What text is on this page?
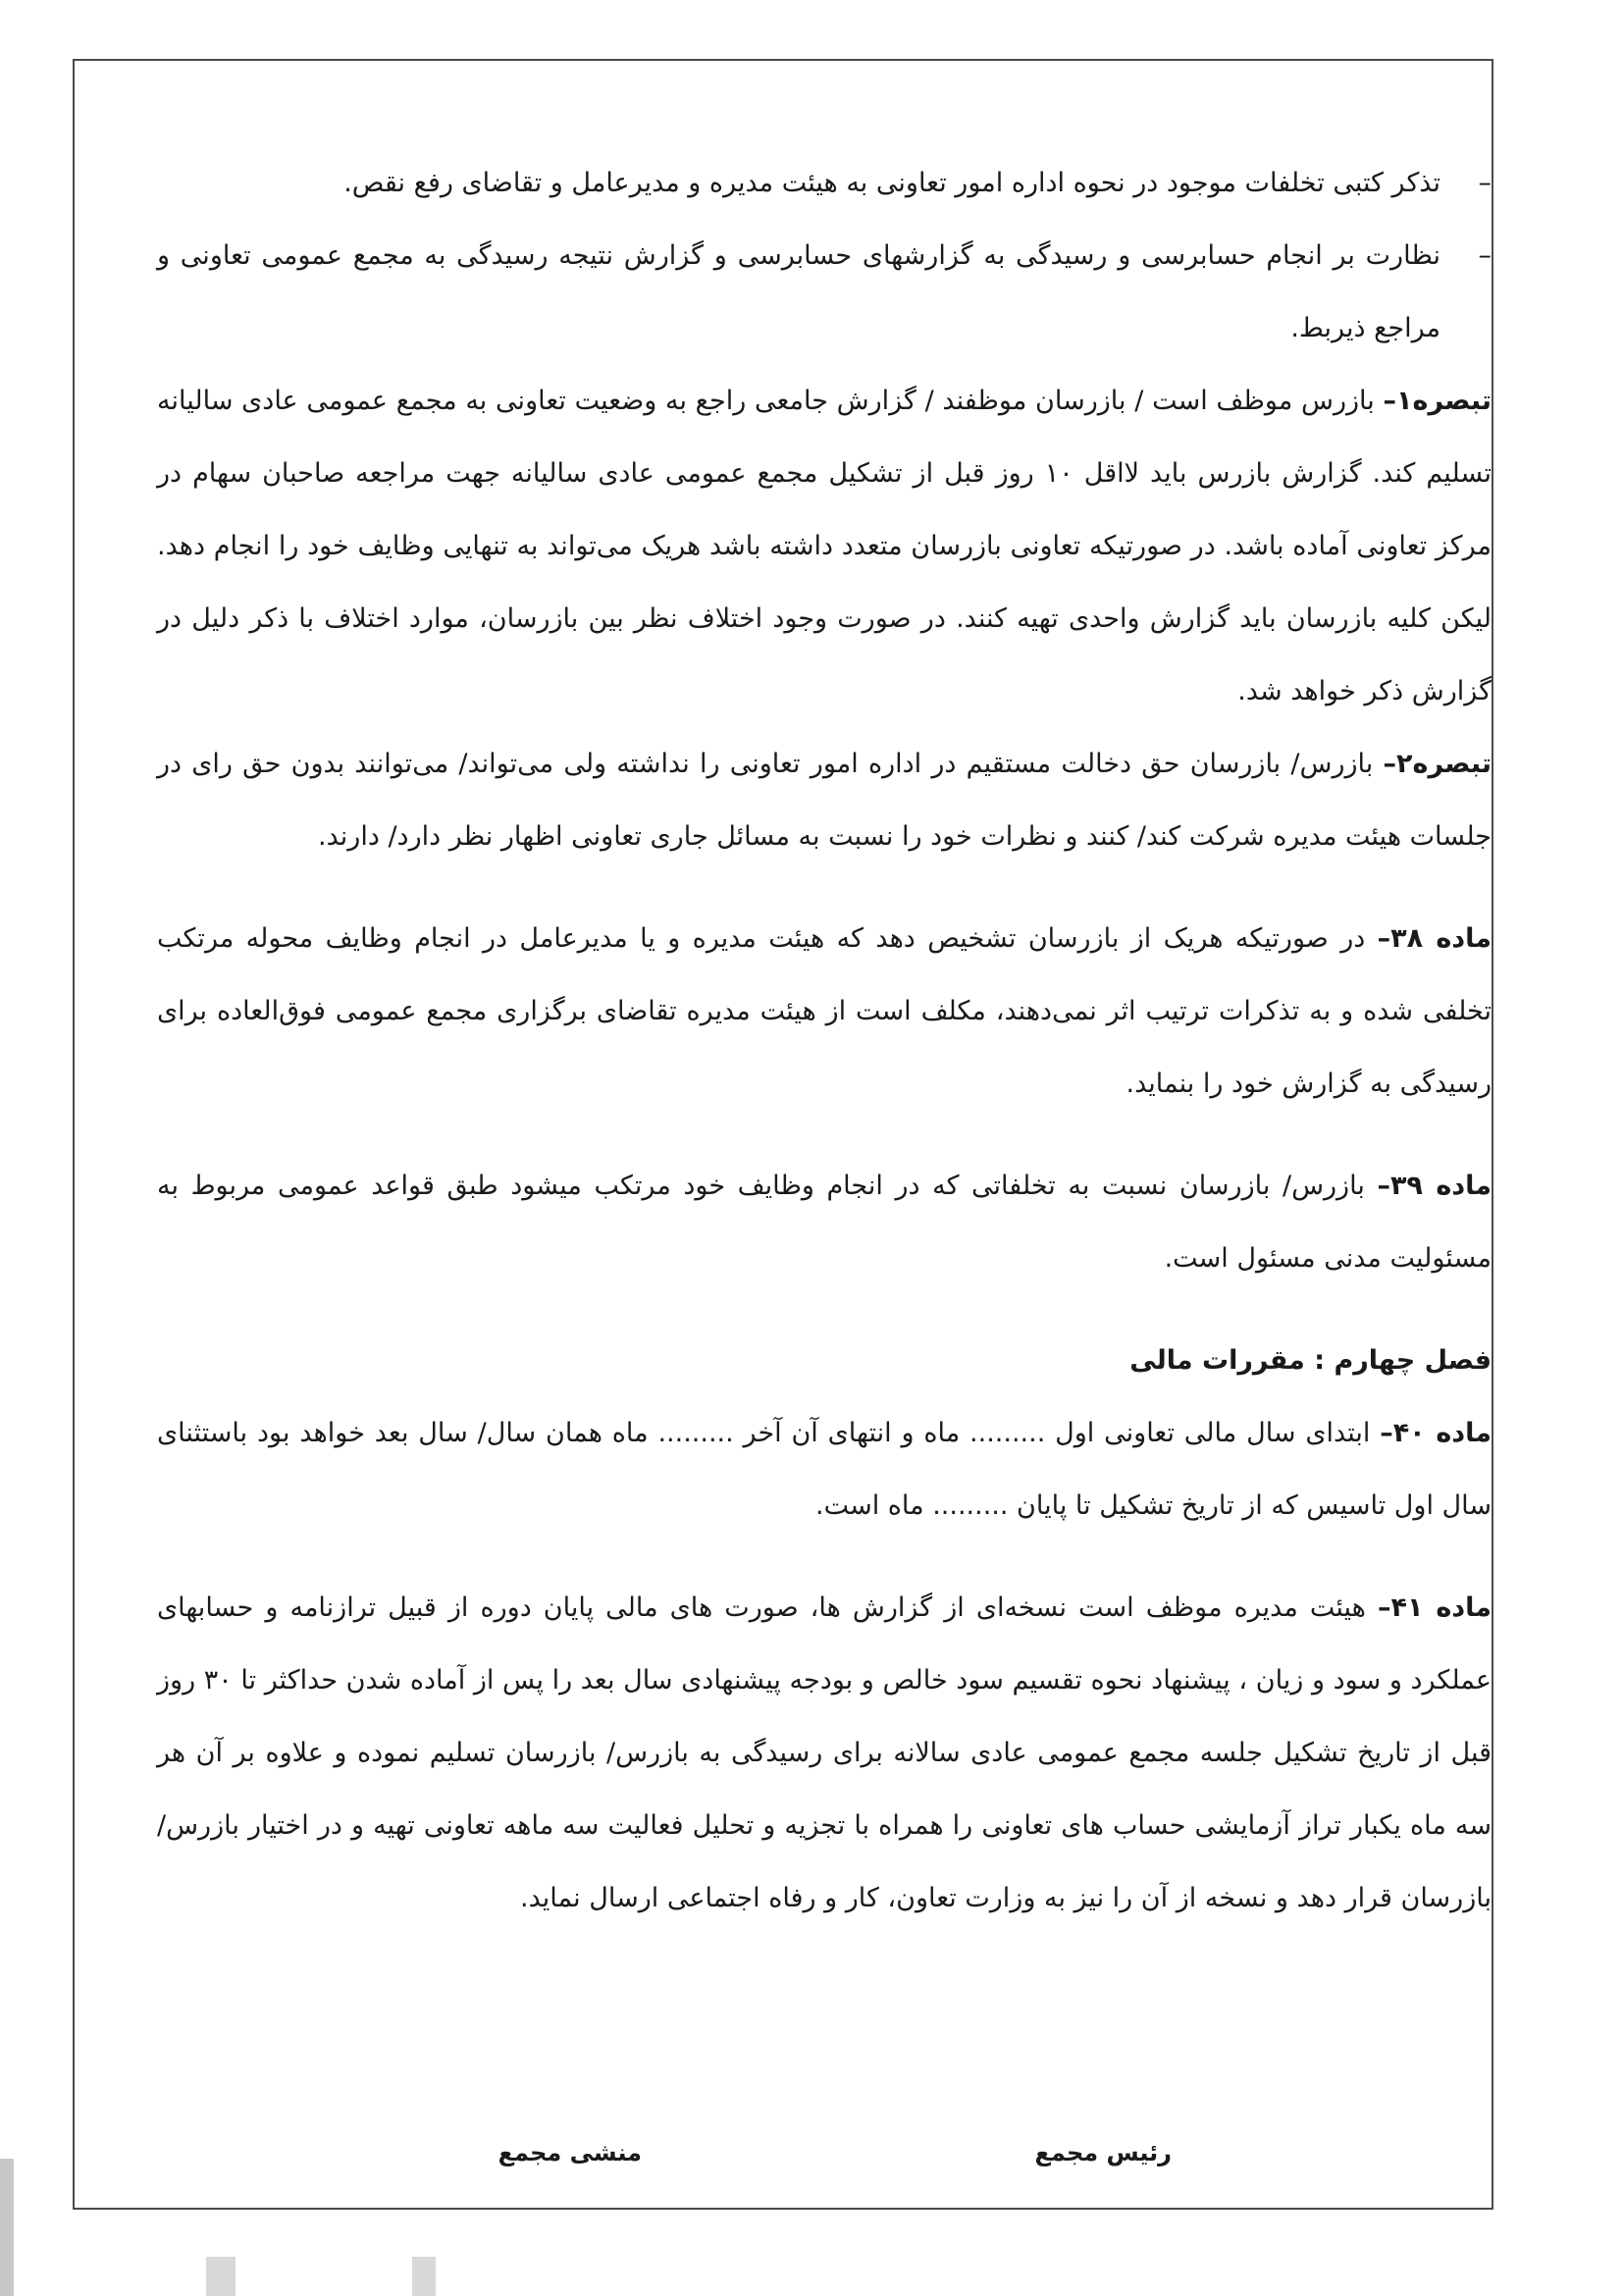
–
تذکر کتبی تخلفات موجود در نحوه اداره امور تعاونی به هیئت مدیره و مدیرعامل و تقاضای رفع نقص.
–
نظارت بر انجام حسابرسی و رسیدگی به گزارشهای حسابرسی و گزارش نتیجه رسیدگی به مجمع عمومی تعاونی و مراجع ذیربط.

تبصره۱– بازرس موظف است / بازرسان موظفند / گزارش جامعی راجع به وضعیت تعاونی به مجمع عمومی عادی سالیانه تسلیم کند. گزارش بازرس باید لااقل ۱۰ روز قبل از تشکیل مجمع عمومی عادی سالیانه جهت مراجعه صاحبان سهام در مرکز تعاونی آماده باشد. در صورتیکه تعاونی بازرسان متعدد داشته باشد هریک می‌تواند به تنهایی وظایف خود را انجام دهد. لیکن کلیه بازرسان باید گزارش واحدی تهیه کنند. در صورت وجود اختلاف نظر بین بازرسان، موارد اختلاف با ذکر دلیل در گزارش ذکر خواهد شد.

تبصره۲– بازرس/ بازرسان حق دخالت مستقیم در اداره امور تعاونی را نداشته ولی می‌تواند/ می‌توانند بدون حق رای در جلسات هیئت مدیره شرکت کند/ کنند و نظرات خود را نسبت به مسائل جاری تعاونی اظهار نظر دارد/ دارند.

ماده ۳۸– در صورتیکه هریک از بازرسان تشخیص دهد که هیئت مدیره و یا مدیرعامل در انجام وظایف محوله مرتکب تخلفی شده و به تذکرات ترتیب اثر نمی‌دهند، مکلف است از هیئت مدیره تقاضای برگزاری مجمع عمومی فوق‌العاده برای رسیدگی به گزارش خود را بنماید.

ماده ۳۹– بازرس/ بازرسان نسبت به تخلفاتی که در انجام وظایف خود مرتکب میشود طبق قواعد عمومی مربوط به مسئولیت مدنی مسئول است.

فصل چهارم : مقررات مالی

ماده ۴۰– ابتدای سال مالی تعاونی اول ......... ماه و انتهای آن آخر ......... ماه همان سال/ سال بعد خواهد بود باستثنای سال اول تاسیس که از تاریخ تشکیل تا پایان ......... ماه است.

ماده ۴۱– هیئت مدیره موظف است نسخه‌ای از گزارش ها، صورت های مالی پایان دوره از قبیل ترازنامه و حسابهای عملکرد و سود و زیان ، پیشنهاد نحوه تقسیم سود خالص و بودجه پیشنهادی سال بعد را پس از آماده شدن حداکثر تا ۳۰ روز قبل از تاریخ تشکیل جلسه مجمع عمومی عادی سالانه برای رسیدگی به بازرس/ بازرسان تسلیم نموده و علاوه بر آن هر سه ماه یکبار تراز آزمایشی حساب های تعاونی را همراه با تجزیه و تحلیل فعالیت سه ماهه تعاونی تهیه و در اختیار بازرس/بازرسان قرار دهد و نسخه از آن را نیز به وزارت تعاون، کار و رفاه اجتماعی ارسال نماید.

رئیس مجمع
منشی مجمع
